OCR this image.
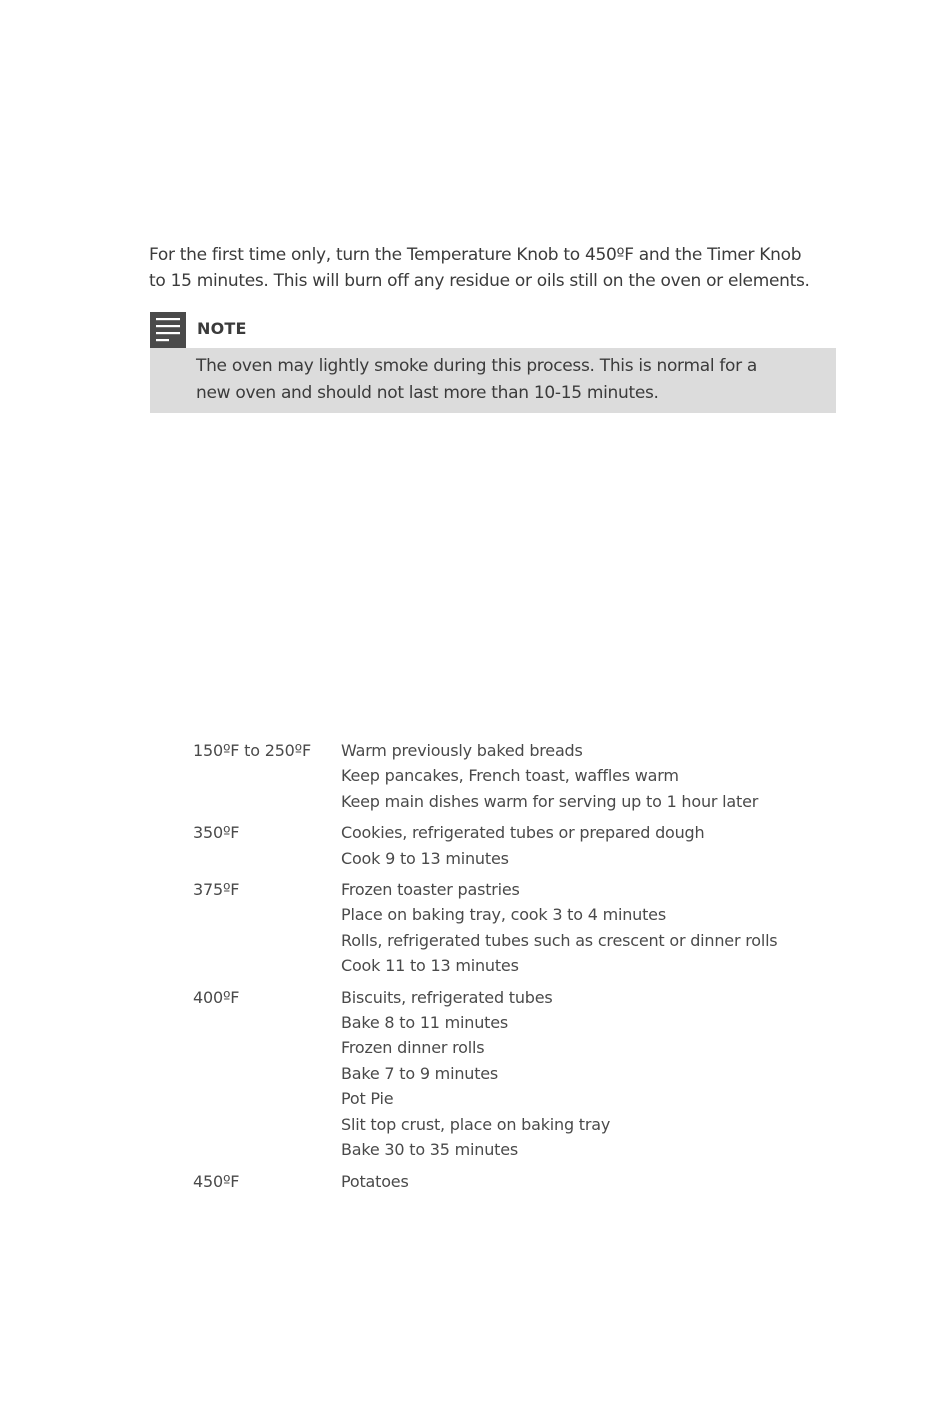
For the first time only, turn the Temperature Knob to 450ºF and the Timer Knob
to 15 minutes. This will burn off any residue or oils still on the oven or elements.

NOTE
The oven may lightly smoke during this process. This is normal for a
new oven and should not last more than 10-15 minutes.
150ºF to 250ºF	Warm previously baked breads
Keep pancakes, French toast, waffles warm
Keep main dishes warm for serving up to 1 hour later
350ºF	Cookies, refrigerated tubes or prepared dough
Cook 9 to 13 minutes
375ºF	Frozen toaster pastries
Place on baking tray, cook 3 to 4 minutes
Rolls, refrigerated tubes such as crescent or dinner rolls
Cook 11 to 13 minutes
400ºF	Biscuits, refrigerated tubes
Bake 8 to 11 minutes
Frozen dinner rolls
Bake 7 to 9 minutes
Pot Pie
Slit top crust, place on baking tray
Bake 30 to 35 minutes
450ºF	Potatoes
